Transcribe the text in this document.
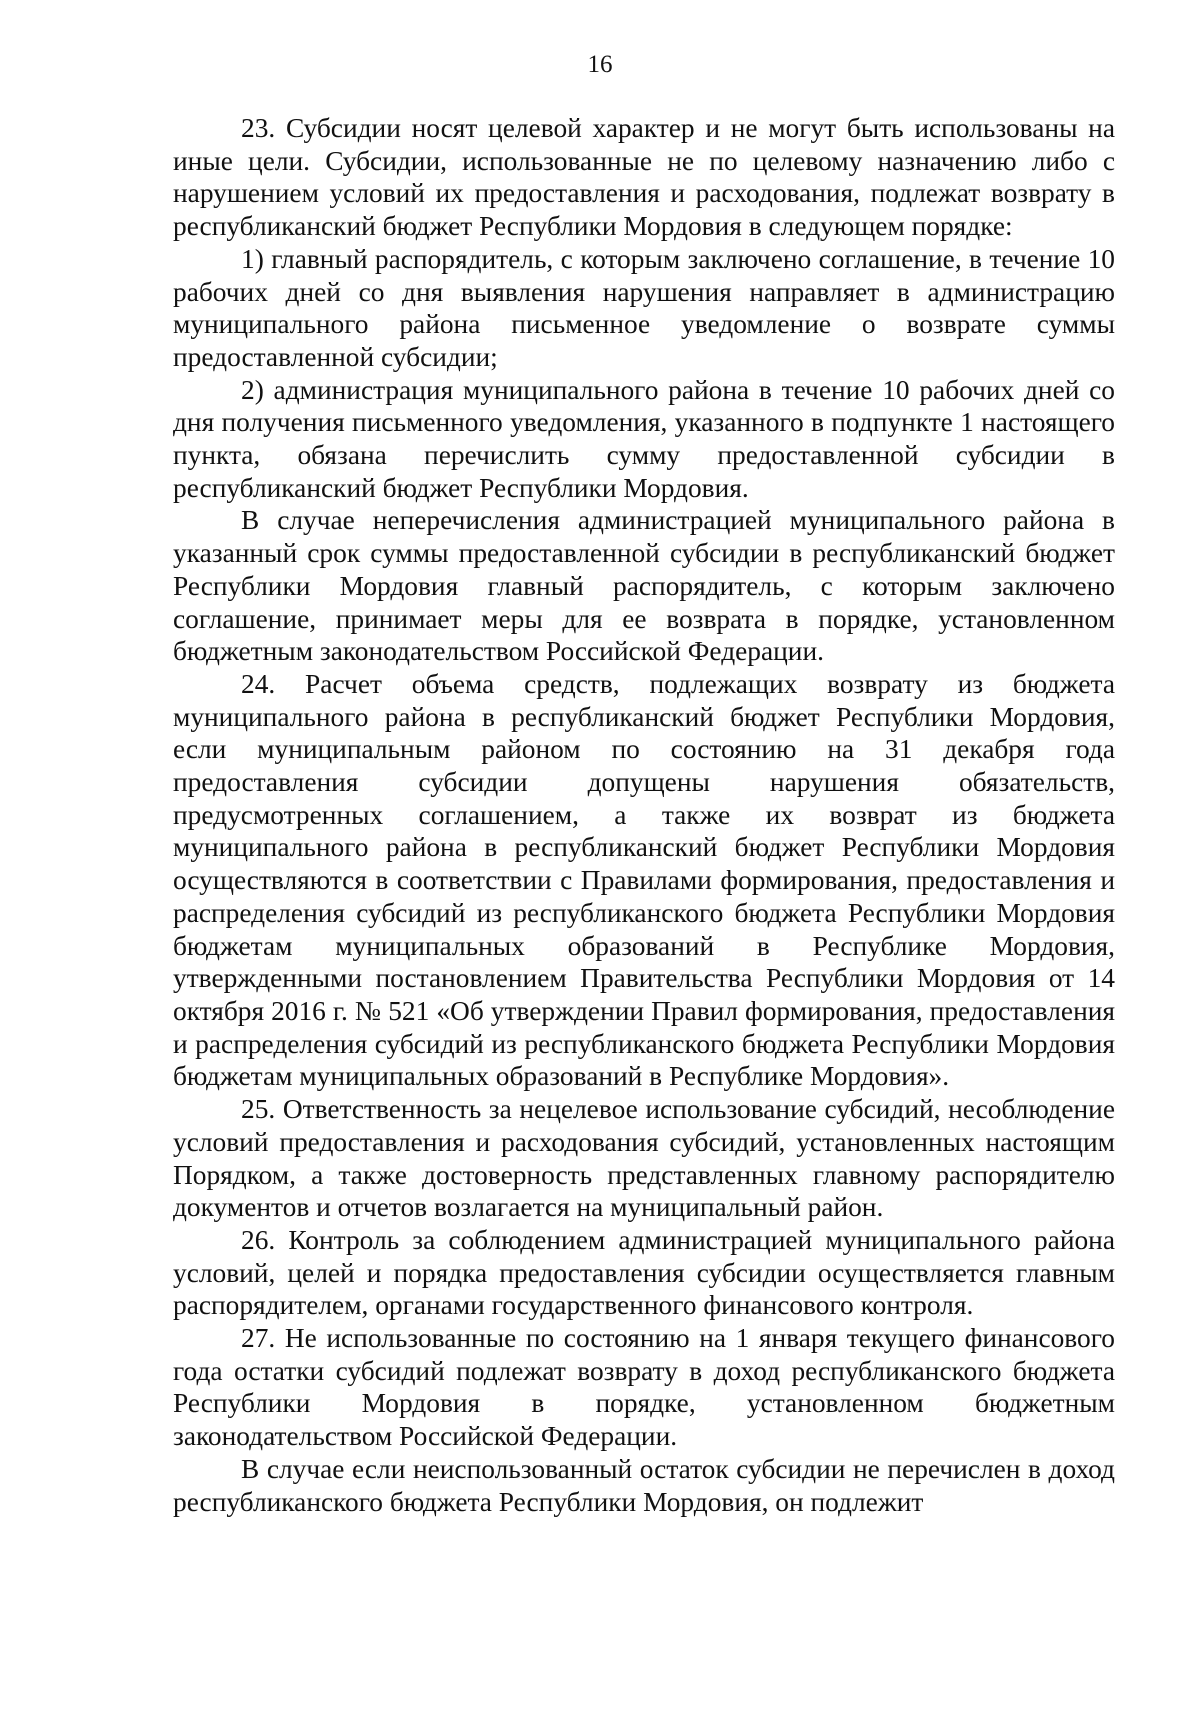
16

23. Субсидии носят целевой характер и не могут быть использованы на иные цели. Субсидии, использованные не по целевому назначению либо с нарушением условий их предоставления и расходования, подлежат возврату в республиканский бюджет Республики Мордовия в следующем порядке:

1) главный распорядитель, с которым заключено соглашение, в течение 10 рабочих дней со дня выявления нарушения направляет в администрацию муниципального района письменное уведомление о возврате суммы предоставленной субсидии;

2) администрация муниципального района в течение 10 рабочих дней со дня получения письменного уведомления, указанного в подпункте 1 настоящего пункта, обязана перечислить сумму предоставленной субсидии в республиканский бюджет Республики Мордовия.

В случае неперечисления администрацией муниципального района в указанный срок суммы предоставленной субсидии в республиканский бюджет Республики Мордовия главный распорядитель, с которым заключено соглашение, принимает меры для ее возврата в порядке, установленном бюджетным законодательством Российской Федерации.

24. Расчет объема средств, подлежащих возврату из бюджета муниципального района в республиканский бюджет Республики Мордовия, если муниципальным районом по состоянию на 31 декабря года предоставления субсидии допущены нарушения обязательств, предусмотренных соглашением, а также их возврат из бюджета муниципального района в республиканский бюджет Республики Мордовия осуществляются в соответствии с Правилами формирования, предоставления и распределения субсидий из республиканского бюджета Республики Мордовия бюджетам муниципальных образований в Республике Мордовия, утвержденными постановлением Правительства Республики Мордовия от 14 октября 2016 г. № 521 «Об утверждении Правил формирования, предоставления и распределения субсидий из республиканского бюджета Республики Мордовия бюджетам муниципальных образований в Республике Мордовия».

25. Ответственность за нецелевое использование субсидий, несоблюдение условий предоставления и расходования субсидий, установленных настоящим Порядком, а также достоверность представленных главному распорядителю документов и отчетов возлагается на муниципальный район.

26. Контроль за соблюдением администрацией муниципального района условий, целей и порядка предоставления субсидии осуществляется главным распорядителем, органами государственного финансового контроля.

27. Не использованные по состоянию на 1 января текущего финансового года остатки субсидий подлежат возврату в доход республиканского бюджета Республики Мордовия в порядке, установленном бюджетным законодательством Российской Федерации.

В случае если неиспользованный остаток субсидии не перечислен в доход республиканского бюджета Республики Мордовия, он подлежит
